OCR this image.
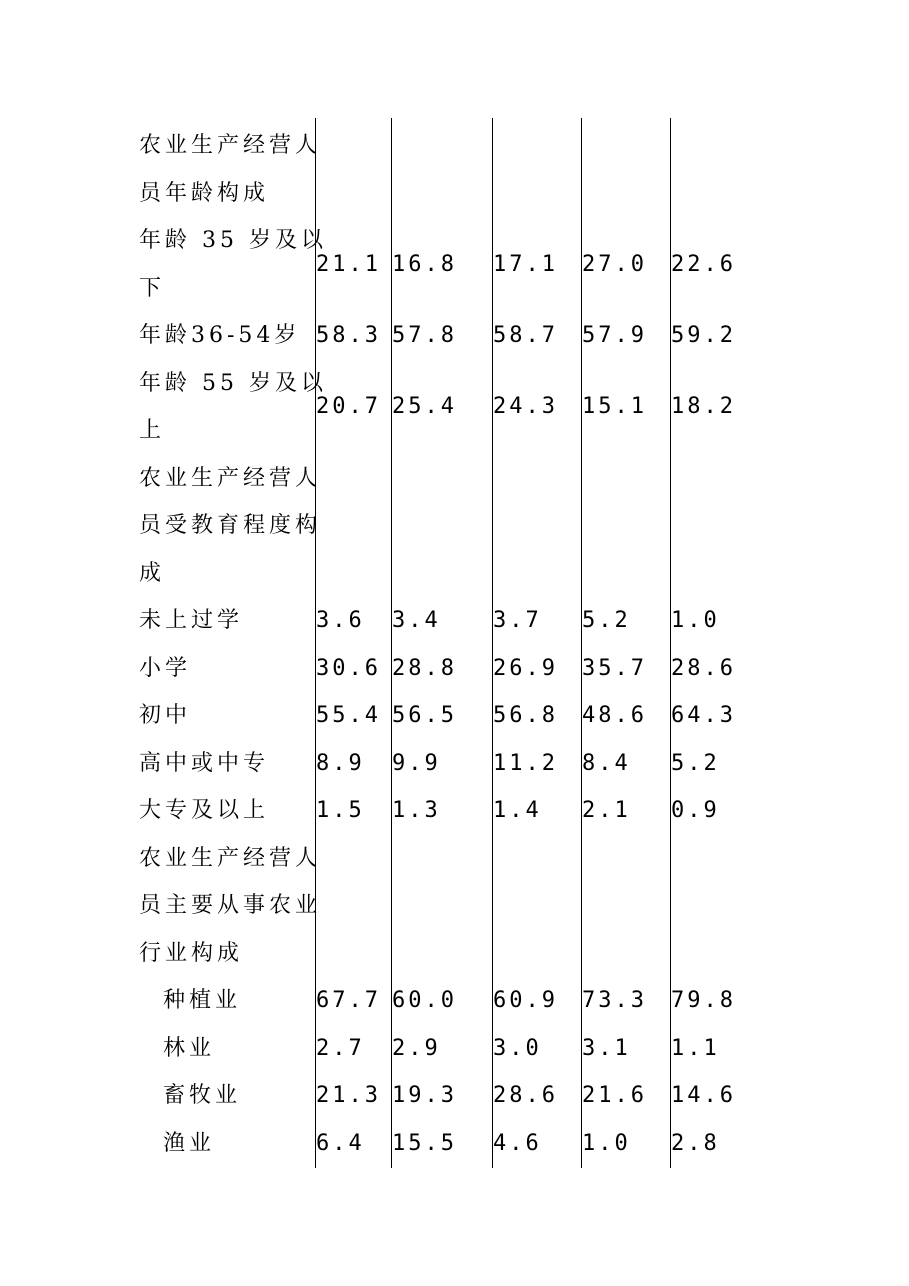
农业生产经营人
员年龄构成
年龄 35 岁及以
下
21.1 16.8 17.1 27.0 22.6
年龄36-54岁 58.3 57.8 58.7 57.9 59.2
年龄 55 岁及以
上
20.7 25.4 24.3 15.1 18.2
农业生产经营人
员受教育程度构
成
未上过学	3.6 3.4 3.7 5.2 1.0
小学	30.6 28.8 26.9 35.7 28.6
初中	55.4 56.5 56.8 48.6 64.3
高中或中专 8.9 9.9 11.2 8.4 5.2
大专及以上 1.5 1.3 1.4 2.1 0.9
农业生产经营人
员主要从事农业
行业构成
种植业	67.7 60.0 60.9 73.3 79.8
林业	2.7 2.9 3.0 3.1 1.1
畜牧业	21.3 19.3 28.6 21.6 14.6
渔业	6.4 15.5 4.6 1.0 2.8
